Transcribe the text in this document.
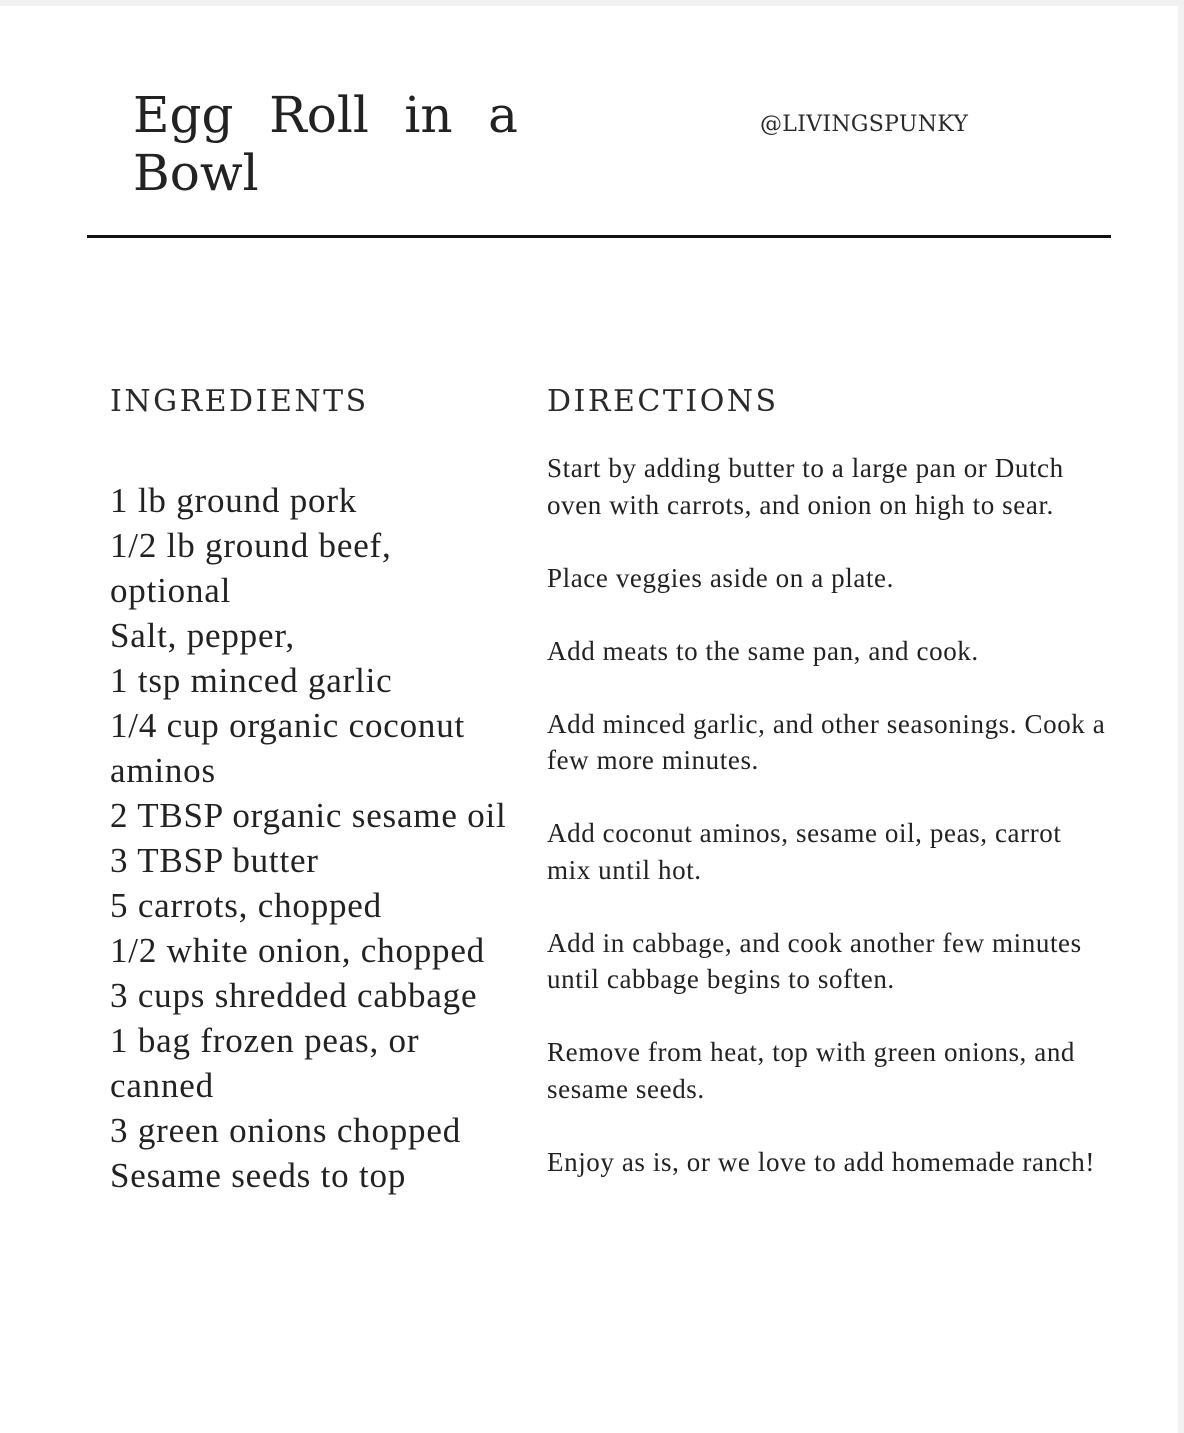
Egg Roll in a Bowl
@LIVINGSPUNKY
INGREDIENTS
1 lb ground pork
1/2 lb ground beef, optional
Salt, pepper,
1 tsp minced garlic
1/4 cup organic coconut aminos
2 TBSP organic sesame oil
3 TBSP butter
5 carrots, chopped
1/2 white onion, chopped
3 cups shredded cabbage
1 bag frozen peas, or canned
3 green onions chopped
Sesame seeds to top
DIRECTIONS

Start by adding butter to a large pan or Dutch oven with carrots, and onion on high to sear.

Place veggies aside on a plate.

Add meats to the same pan, and cook.

Add minced garlic, and other seasonings. Cook a few more minutes.

Add coconut aminos, sesame oil, peas, carrot mix until hot.

Add in cabbage, and cook another few minutes until cabbage begins to soften.

Remove from heat, top with green onions, and sesame seeds.

Enjoy as is, or we love to add homemade ranch!
